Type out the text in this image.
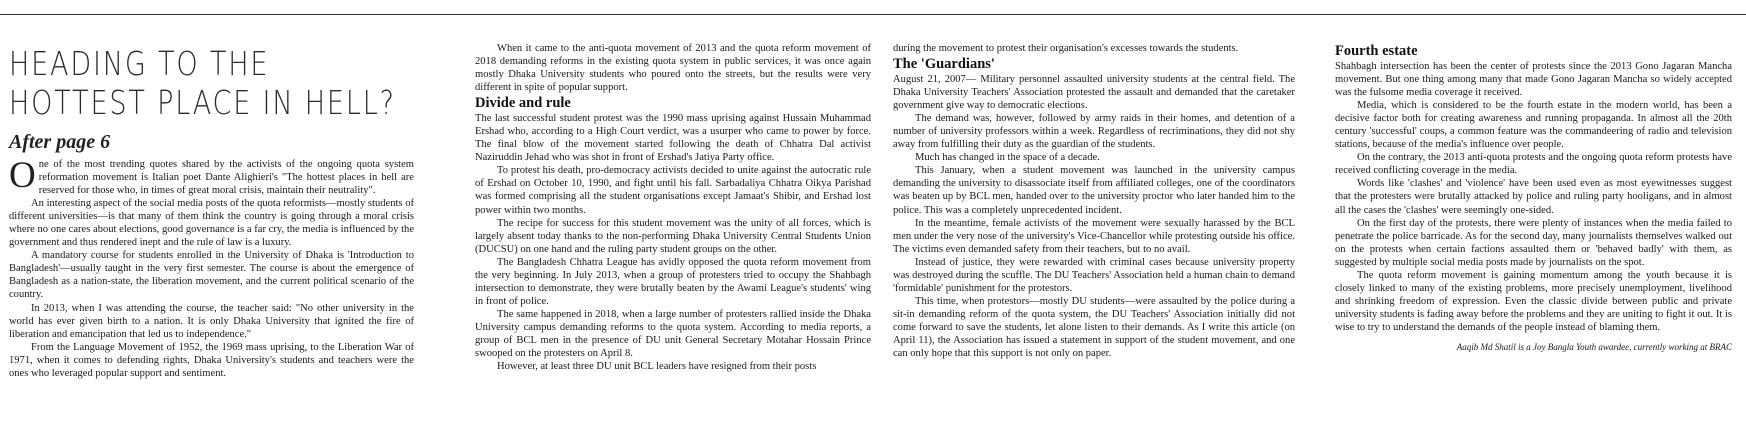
HEADING TO THE HOTTEST PLACE IN HELL?
After page 6

One of the most trending quotes shared by the activists of the ongoing quota system reformation movement is Italian poet Dante Alighieri's "The hottest places in hell are reserved for those who, in times of great moral crisis, maintain their neutrality".

An interesting aspect of the social media posts of the quota reformists—mostly students of different universities—is that many of them think the country is going through a moral crisis where no one cares about elections, good governance is a far cry, the media is influenced by the government and thus rendered inept and the rule of law is a luxury.

A mandatory course for students enrolled in the University of Dhaka is 'Introduction to Bangladesh'—usually taught in the very first semester. The course is about the emergence of Bangladesh as a nation-state, the liberation movement, and the current political scenario of the country.

In 2013, when I was attending the course, the teacher said: "No other university in the world has ever given birth to a nation. It is only Dhaka University that ignited the fire of liberation and emancipation that led us to independence."

From the Language Movement of 1952, the 1969 mass uprising, to the Liberation War of 1971, when it comes to defending rights, Dhaka University's students and teachers were the ones who leveraged popular support and sentiment.

When it came to the anti-quota movement of 2013 and the quota reform movement of 2018 demanding reforms in the existing quota system in public services, it was once again mostly Dhaka University students who poured onto the streets, but the results were very different in spite of popular support.

Divide and rule

The last successful student protest was the 1990 mass uprising against Hussain Muhammad Ershad who, according to a High Court verdict, was a usurper who came to power by force. The final blow of the movement started following the death of Chhatra Dal activist Naziruddin Jehad who was shot in front of Ershad's Jatiya Party office.

To protest his death, pro-democracy activists decided to unite against the autocratic rule of Ershad on October 10, 1990, and fight until his fall. Sarbadaliya Chhatra Oikya Parishad was formed comprising all the student organisations except Jamaat's Shibir, and Ershad lost power within two months.

The recipe for success for this student movement was the unity of all forces, which is largely absent today thanks to the non-performing Dhaka University Central Students Union (DUCSU) on one hand and the ruling party student groups on the other.

The Bangladesh Chhatra League has avidly opposed the quota reform movement from the very beginning. In July 2013, when a group of protesters tried to occupy the Shahbagh intersection to demonstrate, they were brutally beaten by the Awami League's students' wing in front of police.

The same happened in 2018, when a large number of protesters rallied inside the Dhaka University campus demanding reforms to the quota system. According to media reports, a group of BCL men in the presence of DU unit General Secretary Motahar Hossain Prince swooped on the protesters on April 8.

However, at least three DU unit BCL leaders have resigned from their posts

during the movement to protest their organisation's excesses towards the students.

The 'Guardians'

August 21, 2007— Military personnel assaulted university students at the central field. The Dhaka University Teachers' Association protested the assault and demanded that the caretaker government give way to democratic elections.

The demand was, however, followed by army raids in their homes, and detention of a number of university professors within a week. Regardless of recriminations, they did not shy away from fulfilling their duty as the guardian of the students.

Much has changed in the space of a decade.

This January, when a student movement was launched in the university campus demanding the university to disassociate itself from affiliated colleges, one of the coordinators was beaten up by BCL men, handed over to the university proctor who later handed him to the police. This was a completely unprecedented incident.

In the meantime, female activists of the movement were sexually harassed by the BCL men under the very nose of the university's Vice-Chancellor while protesting outside his office. The victims even demanded safety from their teachers, but to no avail.

Instead of justice, they were rewarded with criminal cases because university property was destroyed during the scuffle. The DU Teachers' Association held a human chain to demand 'formidable' punishment for the protestors.

This time, when protestors—mostly DU students—were assaulted by the police during a sit-in demanding reform of the quota system, the DU Teachers' Association initially did not come forward to save the students, let alone listen to their demands. As I write this article (on April 11), the Association has issued a statement in support of the student movement, and one can only hope that this support is not only on paper.

Fourth estate

Shahbagh intersection has been the center of protests since the 2013 Gono Jagaran Mancha movement. But one thing among many that made Gono Jagaran Mancha so widely accepted was the fulsome media coverage it received.

Media, which is considered to be the fourth estate in the modern world, has been a decisive factor both for creating awareness and running propaganda. In almost all the 20th century 'successful' coups, a common feature was the commandeering of radio and television stations, because of the media's influence over people.

On the contrary, the 2013 anti-quota protests and the ongoing quota reform protests have received conflicting coverage in the media.

Words like 'clashes' and 'violence' have been used even as most eyewitnesses suggest that the protesters were brutally attacked by police and ruling party hooligans, and in almost all the cases the 'clashes' were seemingly one-sided.

On the first day of the protests, there were plenty of instances when the media failed to penetrate the police barricade. As for the second day, many journalists themselves walked out on the protests when certain factions assaulted them or 'behaved badly' with them, as suggested by multiple social media posts made by journalists on the spot.

The quota reform movement is gaining momentum among the youth because it is closely linked to many of the existing problems, more precisely unemployment, livelihood and shrinking freedom of expression. Even the classic divide between public and private university students is fading away before the problems and they are uniting to fight it out. It is wise to try to understand the demands of the people instead of blaming them.

Aaqib Md Shatil is a Joy Bangla Youth awardee, currently working at BRAC
